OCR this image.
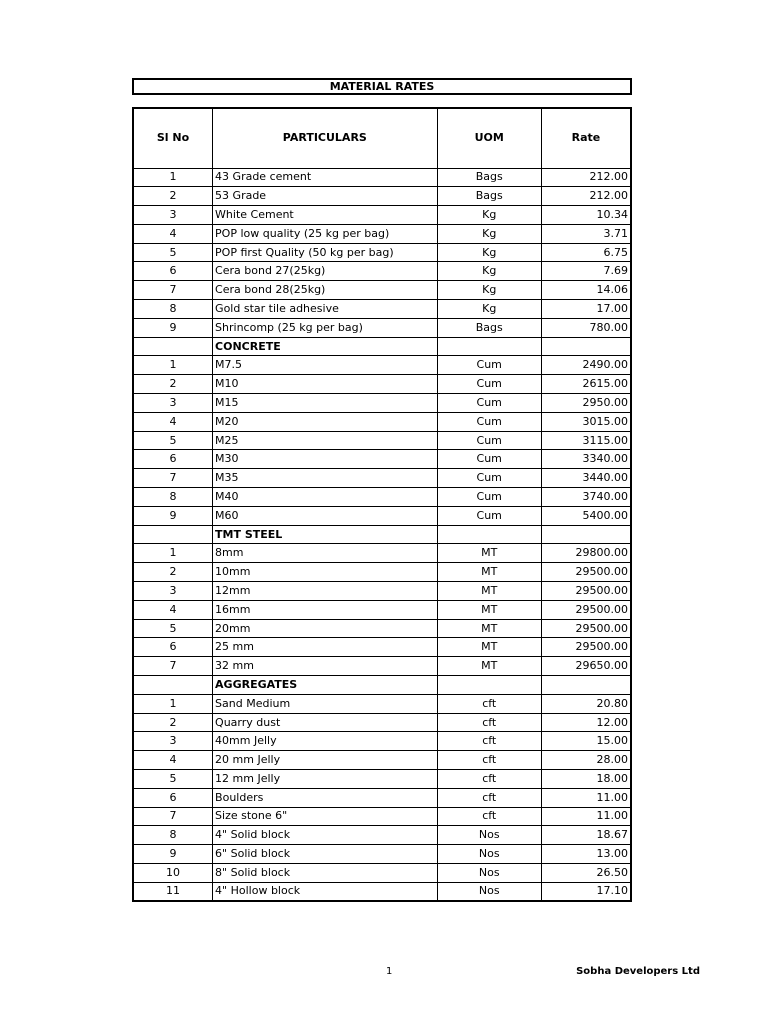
MATERIAL RATES
Sl No	PARTICULARS	UOM	Rate
1	43 Grade cement	Bags	212.00
2	53 Grade	Bags	212.00
3	White Cement	Kg	10.34
4	POP low quality (25 kg per bag)	Kg	3.71
5	POP first Quality (50 kg per bag)	Kg	6.75
6	Cera bond 27(25kg)	Kg	7.69
7	Cera bond 28(25kg)	Kg	14.06
8	Gold star tile adhesive	Kg	17.00
9	Shrincomp (25 kg per bag)	Bags	780.00
	CONCRETE		
1	M7.5	Cum	2490.00
2	M10	Cum	2615.00
3	M15	Cum	2950.00
4	M20	Cum	3015.00
5	M25	Cum	3115.00
6	M30	Cum	3340.00
7	M35	Cum	3440.00
8	M40	Cum	3740.00
9	M60	Cum	5400.00
	TMT STEEL		
1	8mm	MT	29800.00
2	10mm	MT	29500.00
3	12mm	MT	29500.00
4	16mm	MT	29500.00
5	20mm	MT	29500.00
6	25 mm	MT	29500.00
7	32 mm	MT	29650.00
	AGGREGATES		
1	Sand Medium	cft	20.80
2	Quarry dust	cft	12.00
3	40mm Jelly	cft	15.00
4	20 mm Jelly	cft	28.00
5	12 mm Jelly	cft	18.00
6	Boulders	cft	11.00
7	Size stone 6"	cft	11.00
8	4" Solid block	Nos	18.67
9	6" Solid block	Nos	13.00
10	8" Solid block	Nos	26.50
11	4" Hollow block	Nos	17.10
1	Sobha Developers Ltd
